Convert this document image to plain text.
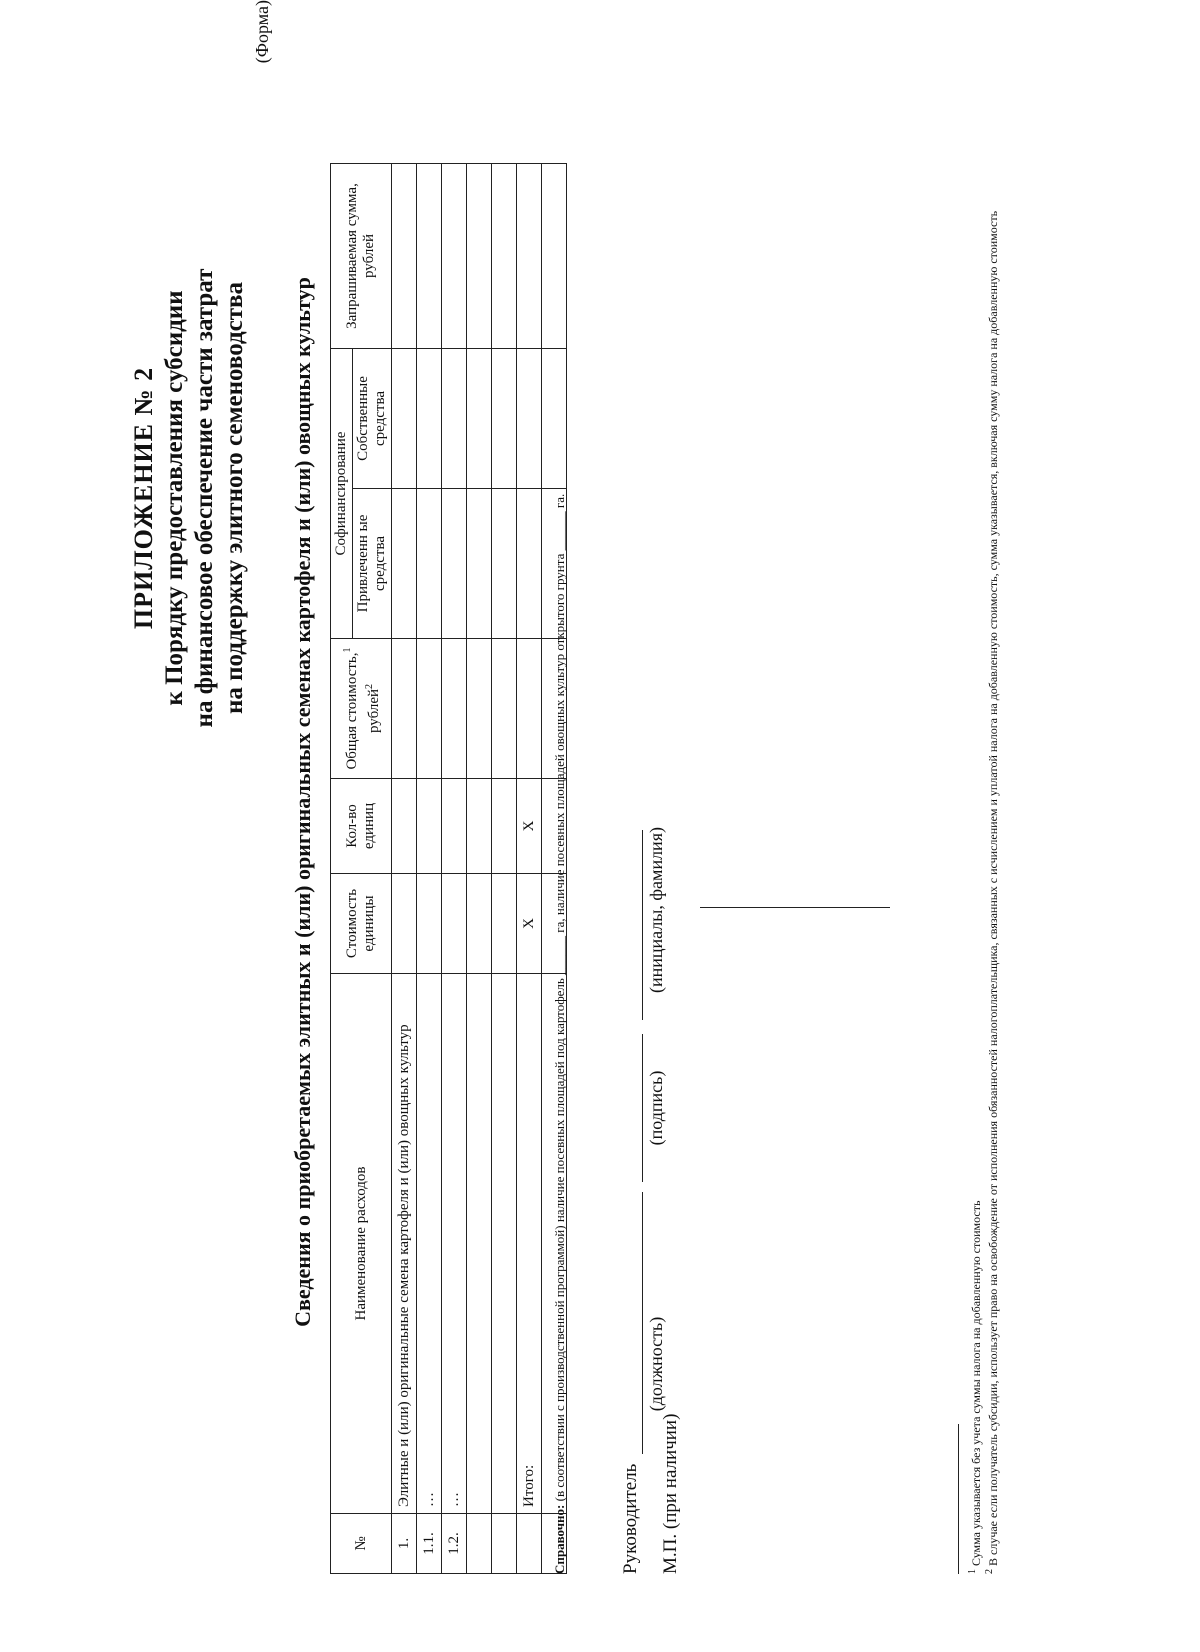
ПРИЛОЖЕНИЕ № 2 к Порядку предоставления субсидии на финансовое обеспечение части затрат на поддержку элитного семеноводства
(Форма)
Сведения о приобретаемых элитных и (или) оригинальных семенах картофеля и (или) овощных культур
№	Наименование расходов	Стоимость единицы	Кол-во единиц	Общая стоимость,$^1$ рублей$^2$	Софинансирование		Запрашиваемая сумма, рублей
					Привлеченн ые средства	Собственные средства	
1.	Элитные и (или) оригинальные семена картофеля и (или) овощных культур						
1.1.	…						
1.2.	…						

	Итого:	X	X				

Справочно: (в соответствии с производственной программой) наличие посевных площадей под картофель ______ га, наличие посевных площадей овощных культур открытого грунта ______ га.
Руководитель
(должность)
(подпись)
(инициалы, фамилия)
М.П. (при наличии)	$^1$ Сумма указывается без учета суммы налога на добавленную стоимость
$^2$ В случае если получатель субсидии, использует право на освобождение от исполнения обязанностей налогоплательщика, связанных с исчислением и уплатой налога на добавленную стоимость, сумма указывается, включая сумму налога на добавленную стоимость
